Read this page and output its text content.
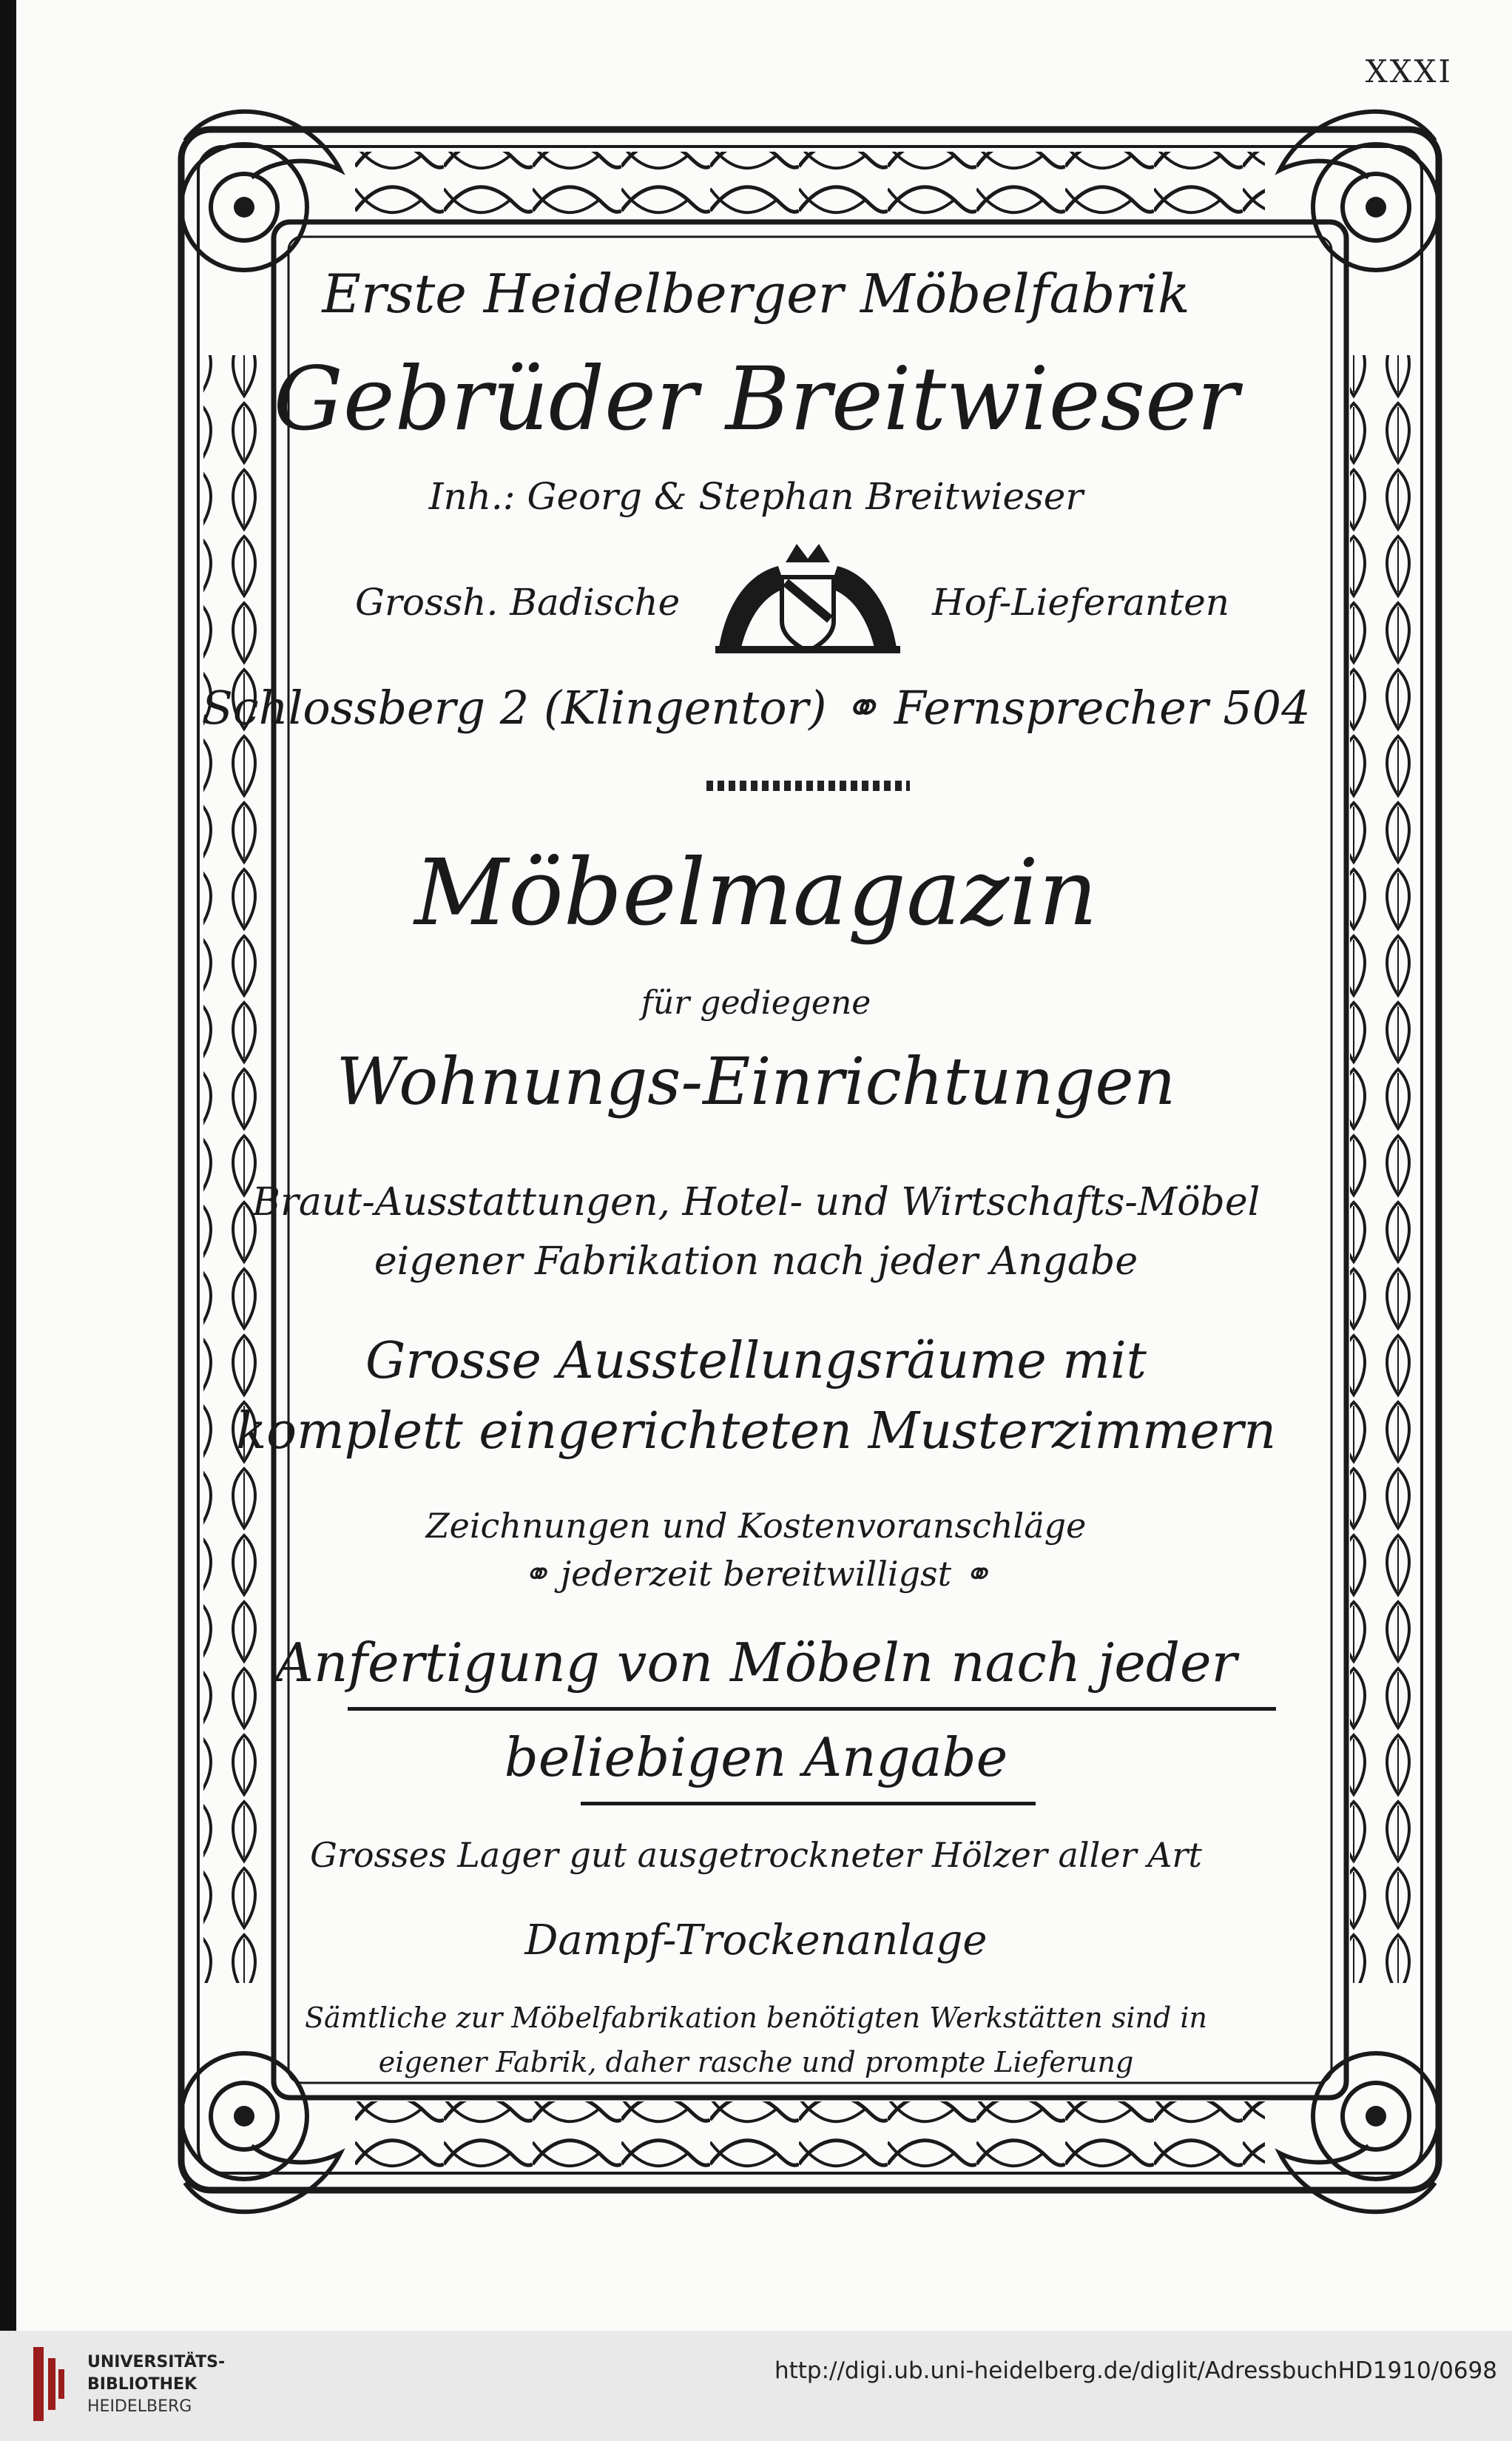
XXXI
Erste Heidelberger Möbelfabrik
Gebrüder Breitwieser
Inh.: Georg & Stephan Breitwieser
Grossh. Badische	Hof-Lieferanten
Schlossberg 2 (Klingentor) ⚭ Fernsprecher 504
Möbelmagazin
für gediegene
Wohnungs-Einrichtungen
Braut-Ausstattungen, Hotel- und Wirtschafts-Möbel
eigener Fabrikation nach jeder Angabe
Grosse Ausstellungsräume mit
komplett eingerichteten Musterzimmern
Zeichnungen und Kostenvoranschläge
⚭ jederzeit bereitwilligst ⚭
Anfertigung von Möbeln nach jeder
beliebigen Angabe
Grosses Lager gut ausgetrockneter Hölzer aller Art
Dampf-Trockenanlage
Sämtliche zur Möbelfabrikation benötigten Werkstätten sind in
eigener Fabrik, daher rasche und prompte Lieferung
UNIVERSITÄTS-
BIBLIOTHEK
HEIDELBERG
http://digi.ub.uni-heidelberg.de/diglit/AdressbuchHD1910/0698
